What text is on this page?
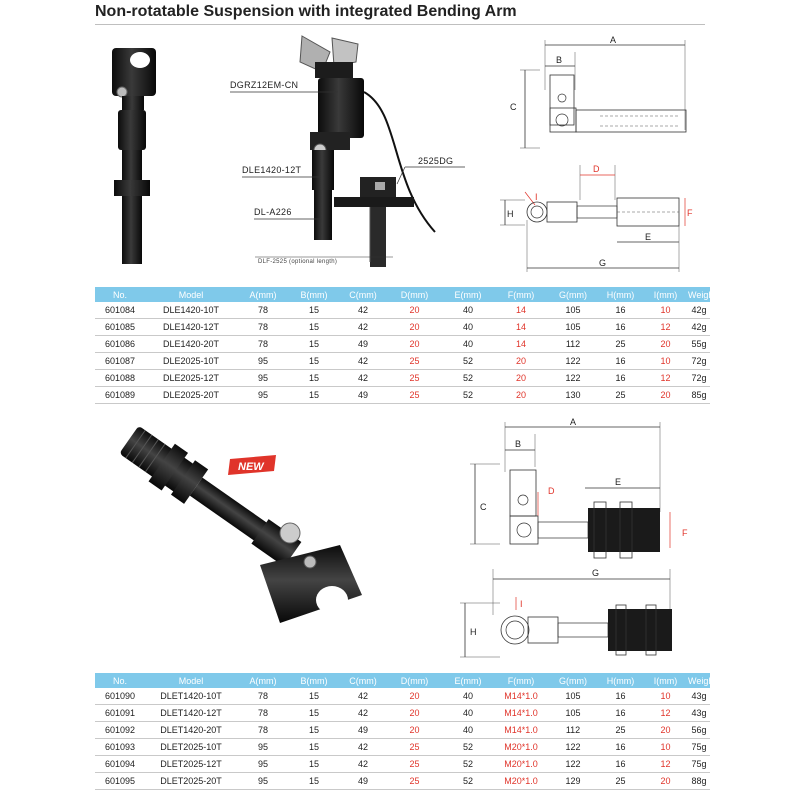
Non-rotatable Suspension with integrated Bending Arm
DGRZ12EM-CN
DLE1420-12T
2525DG
DL-A226
DLF-2525 (optional length)
A
B
C
D
I
H	F
E
G
No.	Model	A(mm)	B(mm)	C(mm)	D(mm)	E(mm)	F(mm)	G(mm)	H(mm)	I(mm)	Weight(g)
601084	DLE1420-10T	78	15	42	20	40	14	105	16	10	42g
601085	DLE1420-12T	78	15	42	20	40	14	105	16	12	42g
601086	DLE1420-20T	78	15	49	20	40	14	112	25	20	55g
601087	DLE2025-10T	95	15	42	25	52	20	122	16	10	72g
601088	DLE2025-12T	95	15	42	25	52	20	122	16	12	72g
601089	DLE2025-20T	95	15	49	25	52	20	130	25	20	85g
NEW
A
B
C
D
E
F
G
I
H
No.	Model	A(mm)	B(mm)	C(mm)	D(mm)	E(mm)	F(mm)	G(mm)	H(mm)	I(mm)	Weight(g)
601090	DLET1420-10T	78	15	42	20	40	M14*1.0	105	16	10	43g
601091	DLET1420-12T	78	15	42	20	40	M14*1.0	105	16	12	43g
601092	DLET1420-20T	78	15	49	20	40	M14*1.0	112	25	20	56g
601093	DLET2025-10T	95	15	42	25	52	M20*1.0	122	16	10	75g
601094	DLET2025-12T	95	15	42	25	52	M20*1.0	122	16	12	75g
601095	DLET2025-20T	95	15	49	25	52	M20*1.0	129	25	20	88g
